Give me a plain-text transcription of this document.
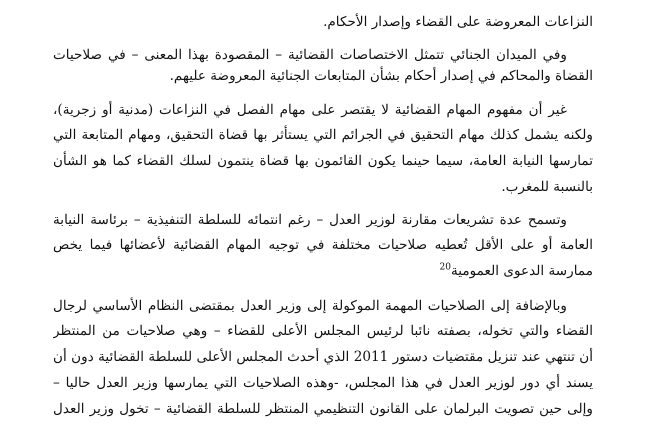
النزاعات المعروضة على القضاء وإصدار الأحكام.
وفي الميدان الجنائي تتمثل الاختصاصات القضائية – المقصودة بهذا المعنى – في صلاحيات
القضاة والمحاكم في إصدار أحكام بشأن المتابعات الجنائية المعروضة عليهم.
غير أن مفهوم المهام القضائية لا يقتصر على مهام الفصل في النزاعات (مدنية أو زجرية)،
ولكنه يشمل كذلك مهام التحقيق في الجرائم التي يستأثر بها قضاة التحقيق، ومهام المتابعة التي
تمارسها النيابة العامة، سيما حينما يكون القائمون بها قضاة ينتمون لسلك القضاء كما هو الشأن
بالنسبة للمغرب.
وتسمح عدة تشريعات مقارنة لوزير العدل – رغم انتمائه للسلطة التنفيذية – برئاسة النيابة
العامة أو على الأقل تُعطيه صلاحيات مختلفة في توجيه المهام القضائية لأعضائها فيما يخص
ممارسة الدعوى العمومية$^{20}$
وبالإضافة إلى الصلاحيات المهمة الموكولة إلى وزير العدل بمقتضى النظام الأساسي لرجال
القضاء والتي تخوله، بصفته نائبا لرئيس المجلس الأعلى للقضاء – وهي صلاحيات من المنتظر
أن تنتهي عند تنزيل مقتضيات دستور 2011 الذي أحدث المجلس الأعلى للسلطة القضائية دون أن
يسند أي دور لوزير العدل في هذا المجلس، -وهذه الصلاحيات التي يمارسها وزير العدل حاليا –
وإلى حين تصويت البرلمان على القانون التنظيمي المنتظر للسلطة القضائية – تخول وزير العدل
